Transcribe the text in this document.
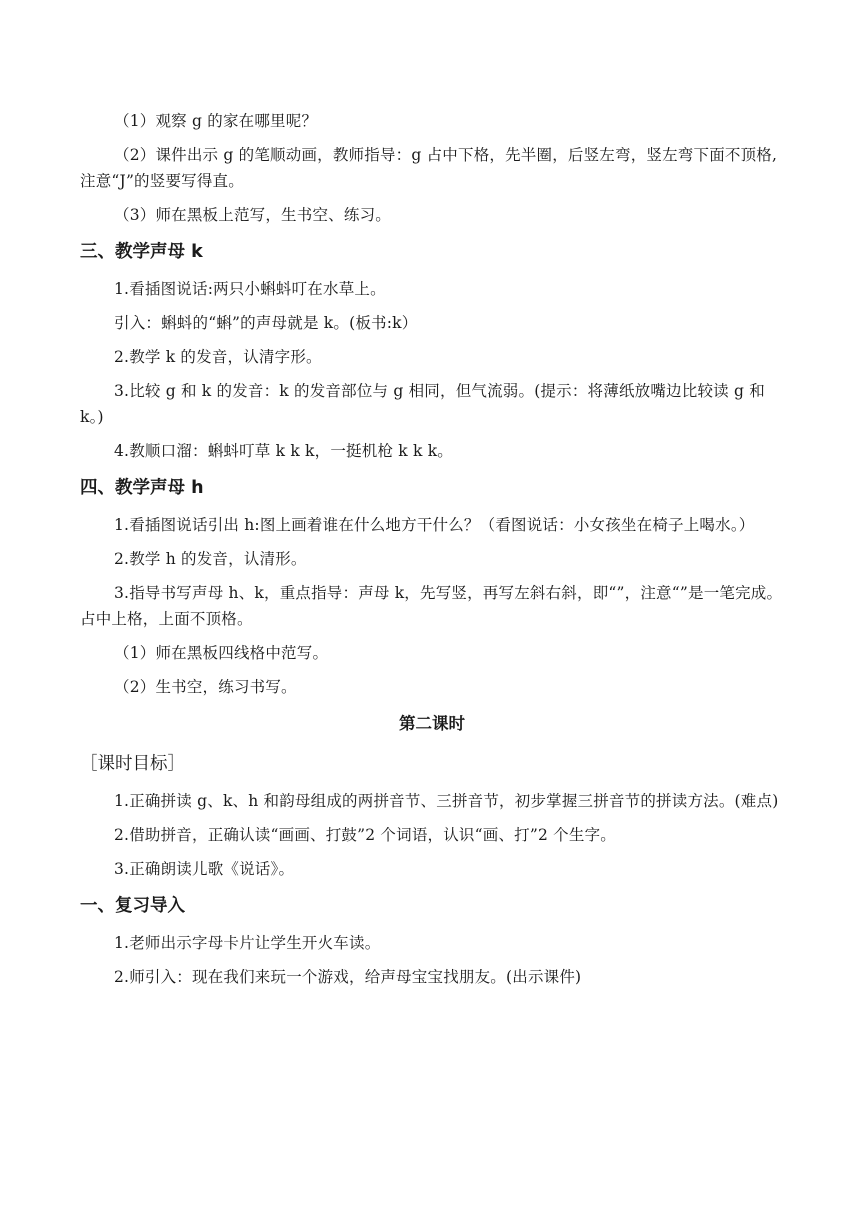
（1）观察 g 的家在哪里呢？

（2）课件出示 g 的笔顺动画，教师指导：g 占中下格，先半圈，后竖左弯，竖左弯下面不顶格,注意“J”的竖要写得直。

（3）师在黑板上范写，生书空、练习。

三、教学声母 k

1.看插图说话:两只小蝌蚪叮在水草上。

引入：蝌蚪的“蝌”的声母就是 k。(板书:k）

2.教学 k 的发音，认清字形。

3.比较 g 和 k 的发音：k 的发音部位与 g 相同，但气流弱。(提示：将薄纸放嘴边比较读 g 和 k。)

4.教顺口溜：蝌蚪叮草 k k k，一挺机枪 k k k。

四、教学声母 h

1.看插图说话引出 h:图上画着谁在什么地方干什么？（看图说话：小女孩坐在椅子上喝水。）

2.教学 h 的发音，认清形。

3.指导书写声母 h、k，重点指导：声母 k，先写竖，再写左斜右斜，即“”，注意“”是一笔完成。占中上格，上面不顶格。

（1）师在黑板四线格中范写。

（2）生书空，练习书写。

第二课时

［课时目标］

1.正确拼读 g、k、h 和韵母组成的两拼音节、三拼音节，初步掌握三拼音节的拼读方法。(难点)

2.借助拼音，正确认读“画画、打鼓”2 个词语，认识“画、打”2 个生字。

3.正确朗读儿歌《说话》。

一、复习导入

1.老师出示字母卡片让学生开火车读。

2.师引入：现在我们来玩一个游戏，给声母宝宝找朋友。(出示课件)
